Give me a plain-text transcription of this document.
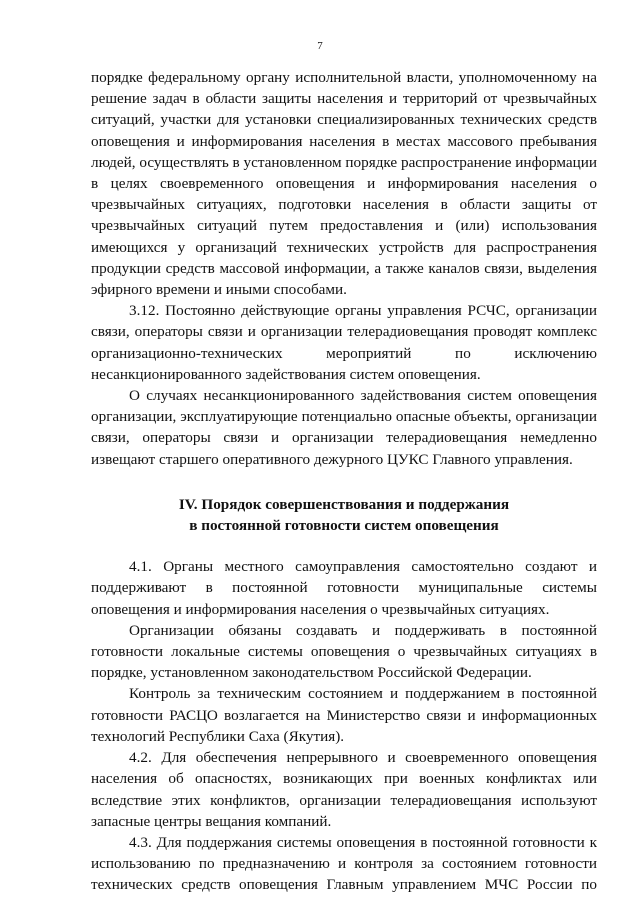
7

порядке федеральному органу исполнительной власти, уполномоченному на решение задач в области защиты населения и территорий от чрезвычайных ситуаций, участки для установки специализированных технических средств оповещения и информирования населения в местах массового пребывания людей, осуществлять в установленном порядке распространение информации в целях своевременного оповещения и информирования населения о чрезвычайных ситуациях, подготовки населения в области защиты от чрезвычайных ситуаций путем предоставления и (или) использования имеющихся у организаций технических устройств для распространения продукции средств массовой информации, а также каналов связи, выделения эфирного времени и иными способами.

3.12. Постоянно действующие органы управления РСЧС, организации связи, операторы связи и организации телерадиовещания проводят комплекс организационно-технических мероприятий по исключению несанкционированного задействования систем оповещения.

О случаях несанкционированного задействования систем оповещения организации, эксплуатирующие потенциально опасные объекты, организации связи, операторы связи и организации телерадиовещания немедленно извещают старшего оперативного дежурного ЦУКС Главного управления.

IV. Порядок совершенствования и поддержания
в постоянной готовности систем оповещения

4.1. Органы местного самоуправления самостоятельно создают и поддерживают в постоянной готовности муниципальные системы оповещения и информирования населения о чрезвычайных ситуациях.

Организации обязаны создавать и поддерживать в постоянной готовности локальные системы оповещения о чрезвычайных ситуациях в порядке, установленном законодательством Российской Федерации.

Контроль за техническим состоянием и поддержанием в постоянной готовности РАСЦО возлагается на Министерство связи и информационных технологий Республики Саха (Якутия).

4.2. Для обеспечения непрерывного и своевременного оповещения населения об опасностях, возникающих при военных конфликтах или вследствие этих конфликтов, организации телерадиовещания используют запасные центры вещания компаний.

4.3. Для поддержания системы оповещения в постоянной готовности к использованию по предназначению и контроля за состоянием готовности технических средств оповещения Главным управлением МЧС России по
